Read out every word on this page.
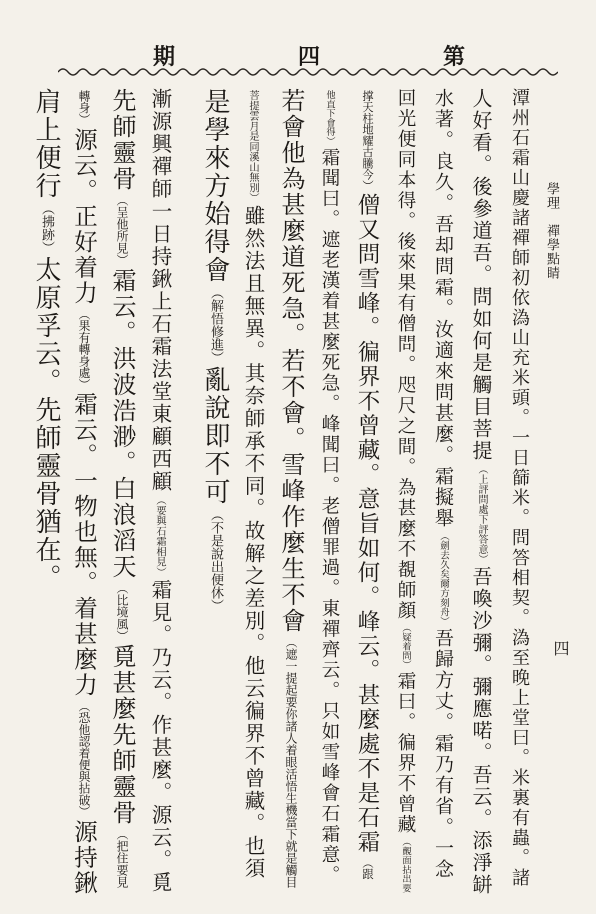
期	四	第
學理　禪學點睛
四
潭州石霜山慶諸禪師初依溈山充米頭。一日篩米。問答相契。溈至晚上堂曰。米裏有蟲。諸
人好看。後參道吾。問如何是觸目菩提（上評問處下評答意）吾喚沙彌。彌應喏。吾云。添淨缾
水著。良久。吾却問霜。汝適來問甚麼。霜擬舉（劍去久矣爾方刻舟）吾歸方丈。霜乃有省。一念
回光便同本得。後來果有僧問。咫尺之間。為甚麼不覩師顏（疑着問）霜曰。徧界不曾藏（覿面拈出要
撑天柱地耀古騰今）僧又問雪峰。徧界不曾藏。意旨如何。峰云。甚麼處不是石霜（跟
他直下會得）霜聞曰。遮老漢着甚麼死急。峰聞曰。老僧罪過。東禪齊云。只如雪峰會石霜意。
若會他為甚麼道死急。若不會。雪峰作麼生不會（遮一提起要你諸人着眼活悟生機當下就是觸目
菩提雲月是同溪山無別）雖然法且無異。其奈師承不同。故解之差別。他云徧界不曾藏。也須
是學來方始得會（解悟修進）亂說即不可（不是說出便休）
漸源興禪師一日持鍬上石霜法堂東顧西顧（要與石霜相見）霜見。乃云。作甚麼。源云。覓
先師靈骨（呈他所見）霜云。洪波浩渺。白浪滔天（比境風）覓甚麼先師靈骨（把住要見
轉身）源云。正好着力（果有轉身處）霜云。一物也無。着甚麼力（恐他認着便與拈破）源持鍬
肩上便行（拂跡）太原孚云。先師靈骨猶在。
